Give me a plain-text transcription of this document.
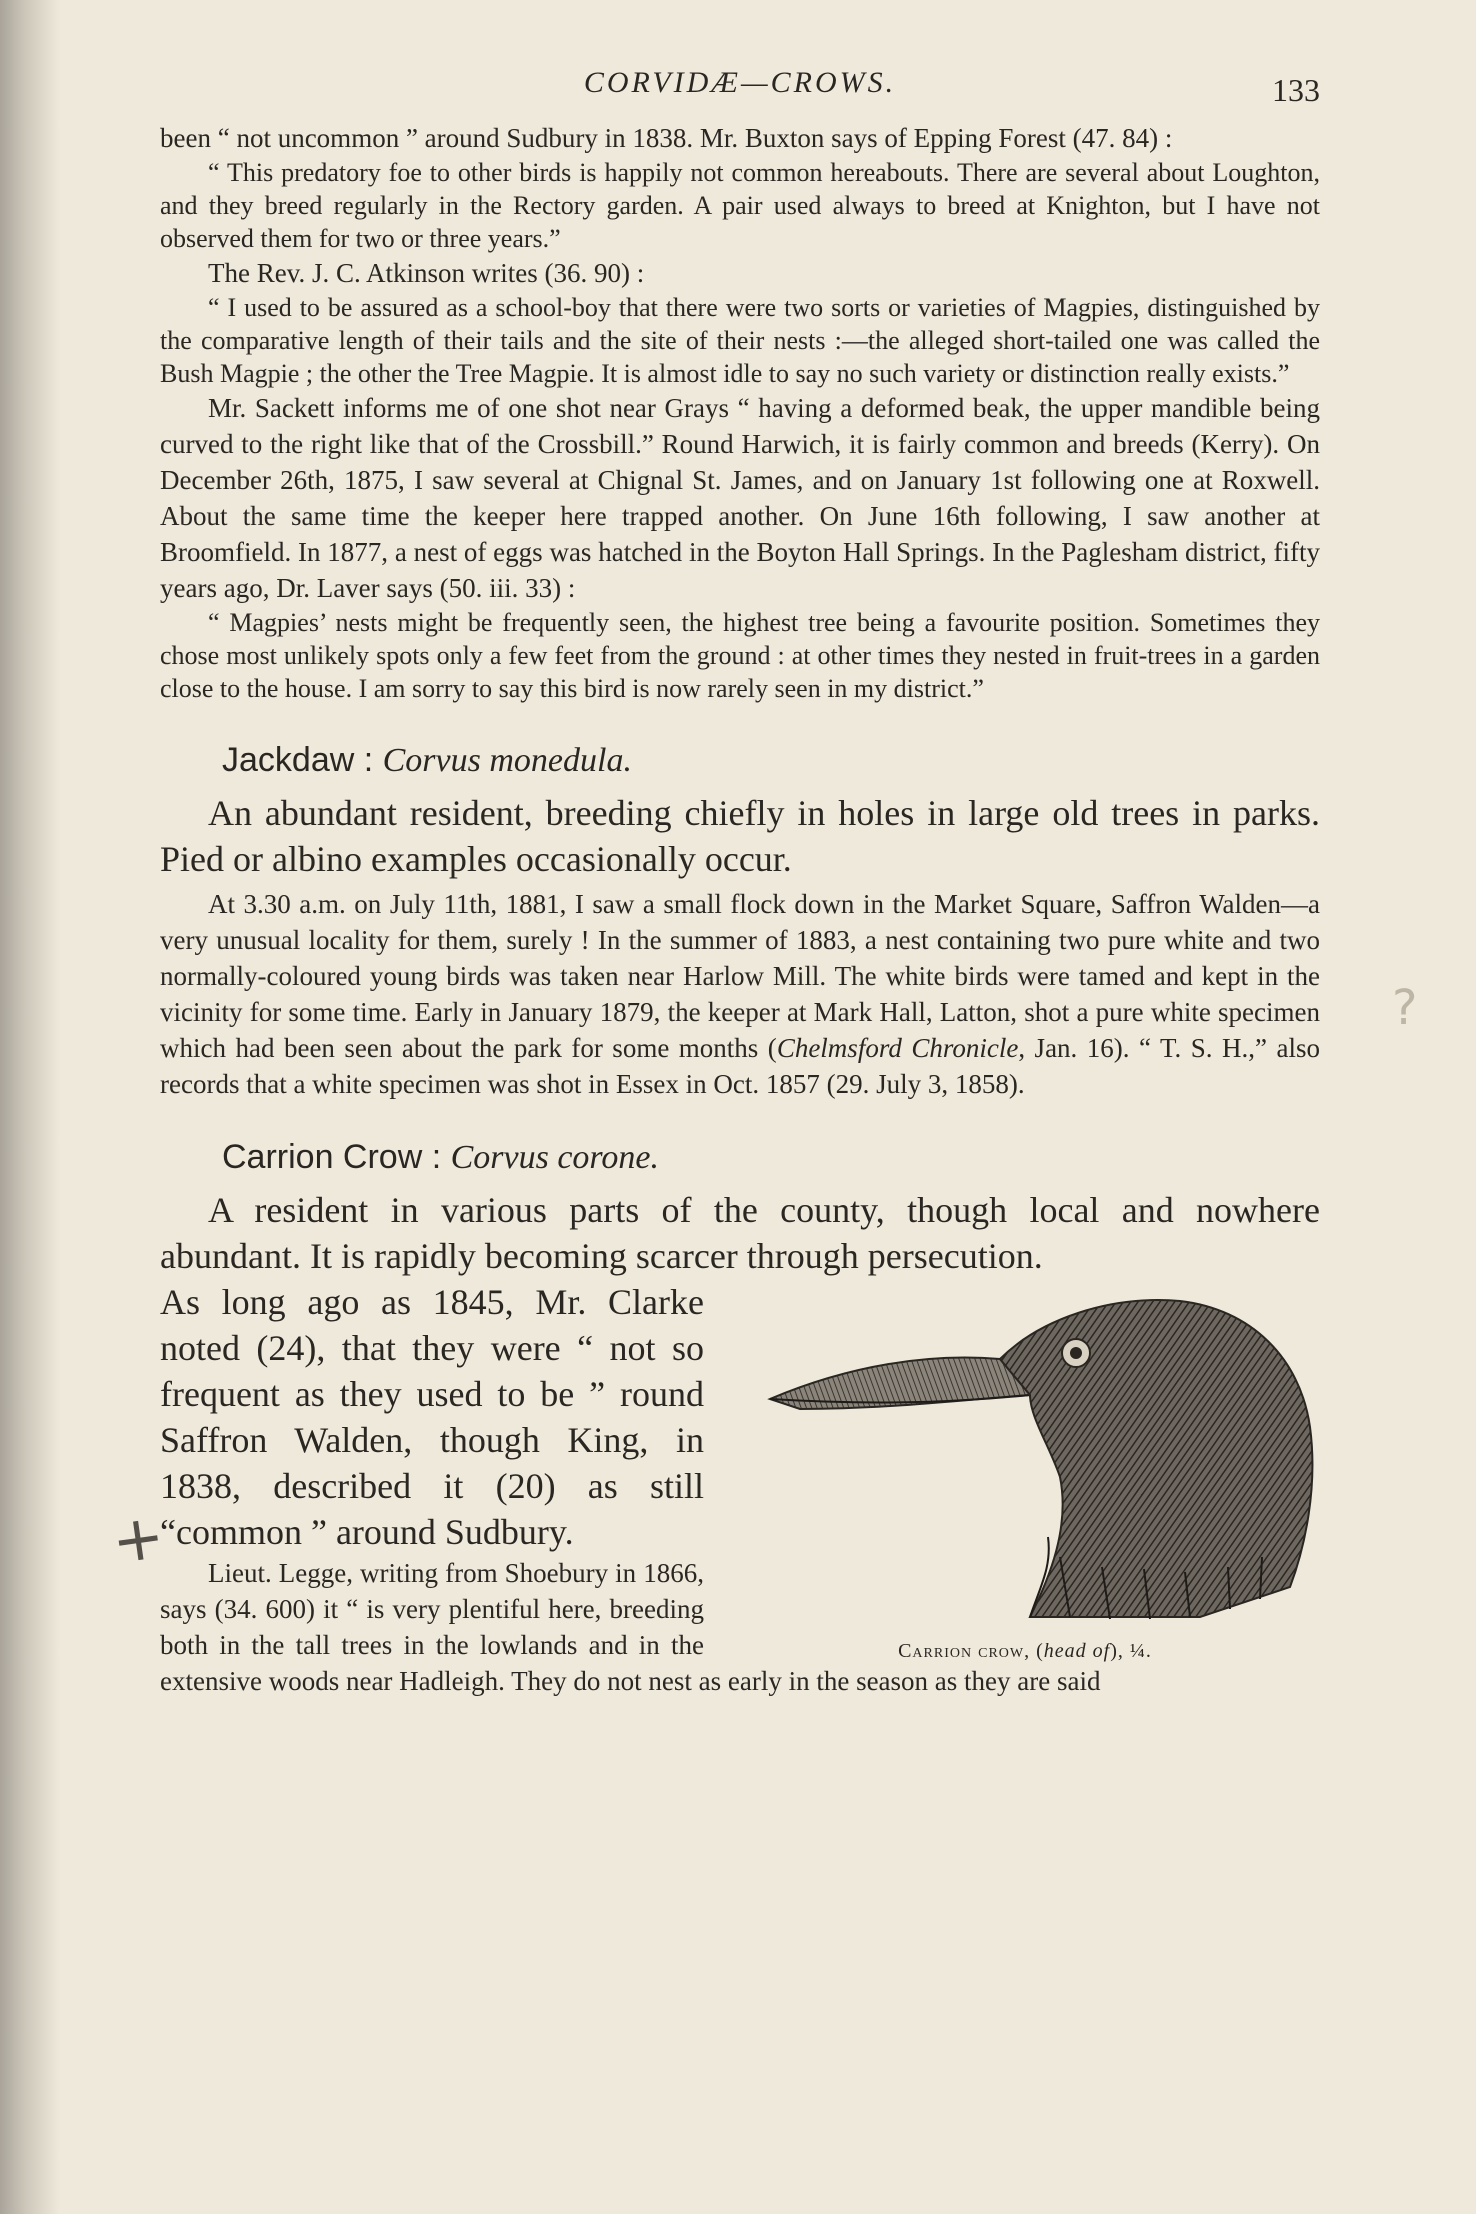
?
+
CORVIDÆ—CROWS.	133

been “ not uncommon ” around Sudbury in 1838. Mr. Buxton says of Epping Forest (47. 84) :

“ This predatory foe to other birds is happily not common hereabouts. There are several about Loughton, and they breed regularly in the Rectory garden. A pair used always to breed at Knighton, but I have not observed them for two or three years.”

The Rev. J. C. Atkinson writes (36. 90) :

“ I used to be assured as a school-boy that there were two sorts or varieties of Magpies, distinguished by the comparative length of their tails and the site of their nests :—the alleged short-tailed one was called the Bush Magpie ; the other the Tree Magpie. It is almost idle to say no such variety or distinction really exists.”

Mr. Sackett informs me of one shot near Grays “ having a deformed beak, the upper mandible being curved to the right like that of the Crossbill.” Round Harwich, it is fairly common and breeds (Kerry). On December 26th, 1875, I saw several at Chignal St. James, and on January 1st following one at Roxwell. About the same time the keeper here trapped another. On June 16th following, I saw another at Broomfield. In 1877, a nest of eggs was hatched in the Boyton Hall Springs. In the Paglesham district, fifty years ago, Dr. Laver says (50. iii. 33) :

“ Magpies’ nests might be frequently seen, the highest tree being a favourite position. Sometimes they chose most unlikely spots only a few feet from the ground : at other times they nested in fruit-trees in a garden close to the house. I am sorry to say this bird is now rarely seen in my district.”

Jackdaw : Corvus monedula.

An abundant resident, breeding chiefly in holes in large old trees in parks. Pied or albino examples occasionally occur.

At 3.30 a.m. on July 11th, 1881, I saw a small flock down in the Market Square, Saffron Walden—a very unusual locality for them, surely ! In the summer of 1883, a nest containing two pure white and two normally-coloured young birds was taken near Harlow Mill. The white birds were tamed and kept in the vicinity for some time. Early in January 1879, the keeper at Mark Hall, Latton, shot a pure white specimen which had been seen about the park for some months (Chelmsford Chronicle, Jan. 16). “ T. S. H.,” also records that a white specimen was shot in Essex in Oct. 1857 (29. July 3, 1858).

Carrion Crow : Corvus corone.

A resident in various parts of the county, though local and nowhere abundant. It is rapidly becoming scarcer through persecution.

Carrion crow, (head of), ¼.

As long ago as 1845, Mr. Clarke noted (24), that they were “ not so frequent as they used to be ” round Saffron Walden, though King, in 1838, described it (20) as still “common ” around Sudbury.

Lieut. Legge, writing from Shoebury in 1866, says (34. 600) it “ is very plentiful here, breeding both in the tall trees in the lowlands and in the extensive woods near Hadleigh. They do not nest as early in the season as they are said
